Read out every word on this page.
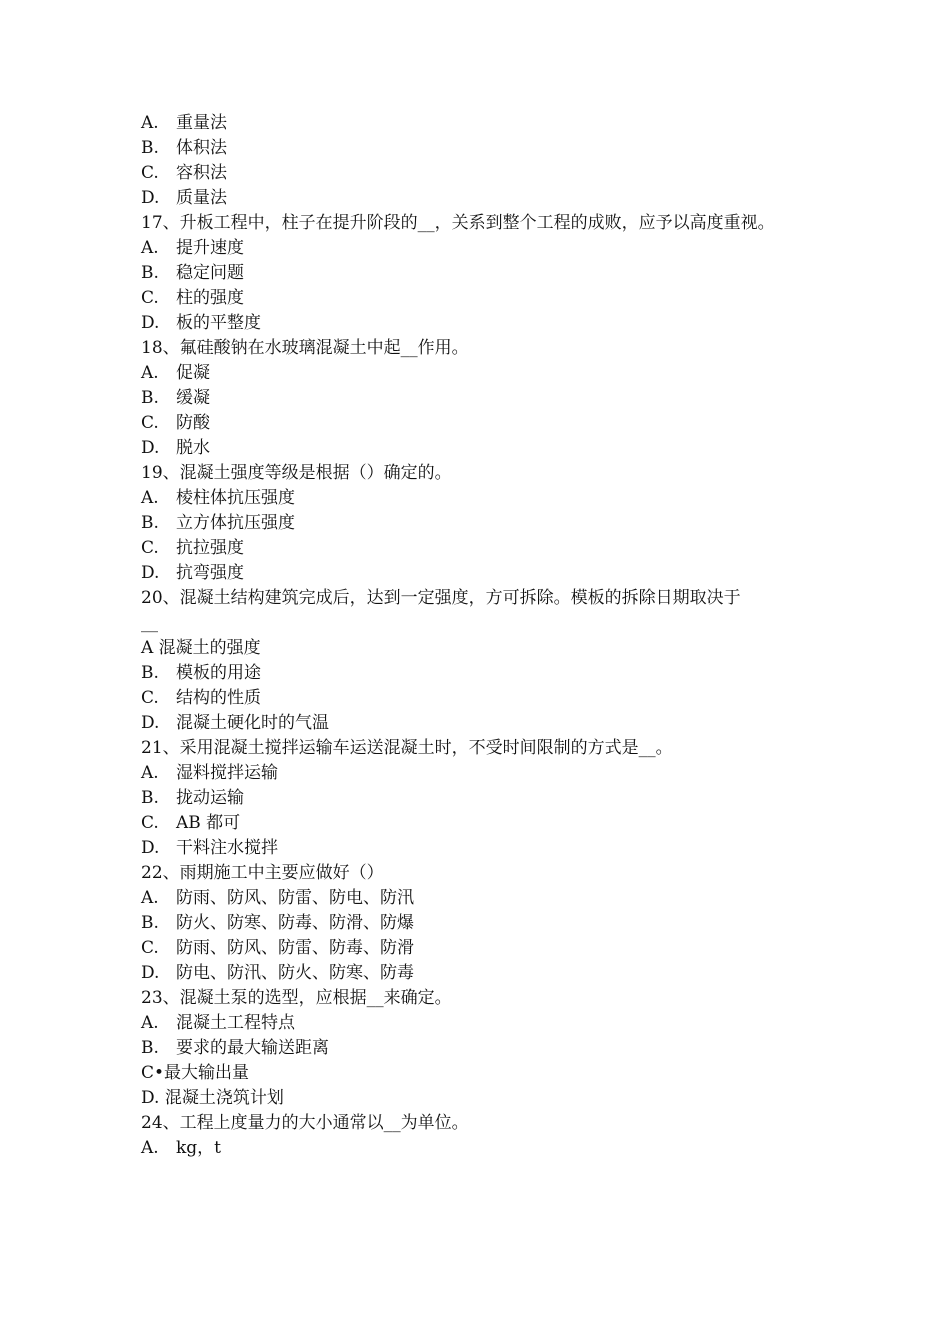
A. 重量法

B. 体积法

C. 容积法

D. 质量法

17、升板工程中，柱子在提升阶段的__，关系到整个工程的成败，应予以高度重视。

A. 提升速度

B. 稳定问题

C. 柱的强度

D. 板的平整度

18、氟硅酸钠在水玻璃混凝土中起__作用。

A. 促凝

B. 缓凝

C. 防酸

D. 脱水

19、混凝土强度等级是根据（）确定的。

A. 棱柱体抗压强度

B. 立方体抗压强度

C. 抗拉强度

D. 抗弯强度

20、混凝土结构建筑完成后，达到一定强度，方可拆除。模板的拆除日期取决于

__

A 混凝土的强度

B. 模板的用途

C. 结构的性质

D. 混凝土硬化时的气温

21、采用混凝土搅拌运输车运送混凝土时，不受时间限制的方式是__。

A. 湿料搅拌运输

B. 拢动运输

C. AB 都可

D. 干料注水搅拌

22、雨期施工中主要应做好（）

A. 防雨、防风、防雷、防电、防汛

B. 防火、防寒、防毒、防滑、防爆

C. 防雨、防风、防雷、防毒、防滑

D. 防电、防汛、防火、防寒、防毒

23、混凝土泵的选型，应根据__来确定。

A. 混凝土工程特点

B. 要求的最大输送距离

C•最大输出量

D. 混凝土浇筑计划

24、工程上度量力的大小通常以__为单位。

A. kg，t
